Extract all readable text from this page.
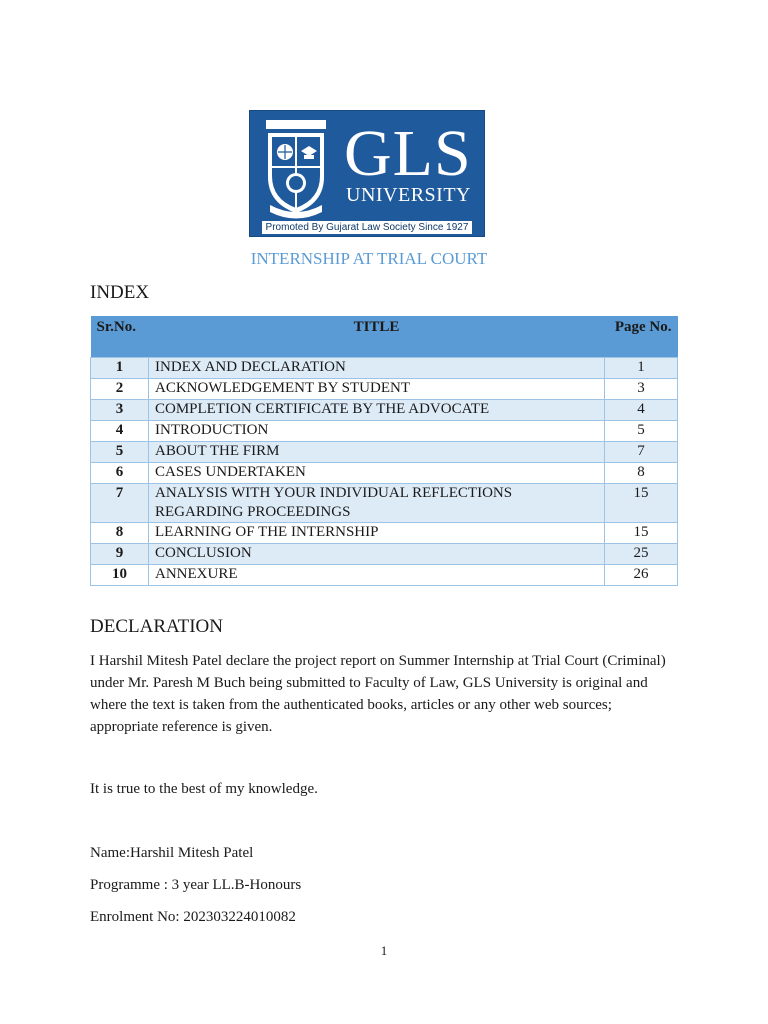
GLS
UNIVERSITY
Promoted By Gujarat Law Society Since 1927
INTERNSHIP AT TRIAL COURT
INDEX
Sr.No.	TITLE	Page No.
1	INDEX AND DECLARATION	1
2	ACKNOWLEDGEMENT BY STUDENT	3
3	COMPLETION CERTIFICATE BY THE ADVOCATE	4
4	INTRODUCTION	5
5	ABOUT THE FIRM	7
6	CASES UNDERTAKEN	8
7	ANALYSIS WITH YOUR INDIVIDUAL REFLECTIONS
REGARDING PROCEEDINGS	15
8	LEARNING OF THE INTERNSHIP	15
9	CONCLUSION	25
10	ANNEXURE	26
DECLARATION
I Harshil Mitesh Patel declare the project report on Summer Internship at Trial Court (Criminal) under Mr. Paresh M Buch being submitted to Faculty of Law, GLS University is original and where the text is taken from the authenticated books, articles or any other web sources; appropriate reference is given.
It is true to the best of my knowledge.
Name:Harshil Mitesh Patel
Programme : 3 year LL.B-Honours
Enrolment No: 202303224010082
1
